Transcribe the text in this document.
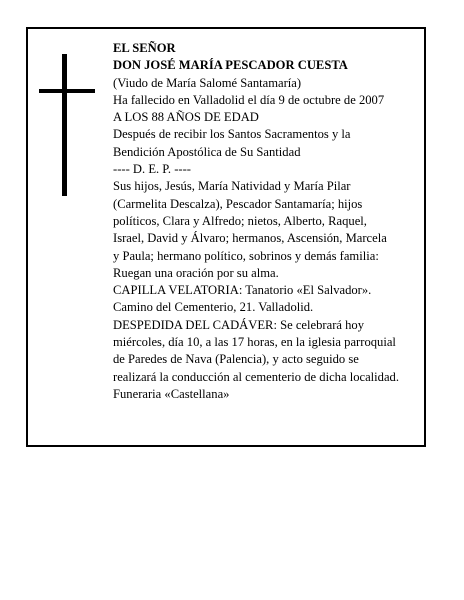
EL SEÑOR
DON JOSÉ MARÍA PESCADOR CUESTA
(Viudo de María Salomé Santamaría)
Ha fallecido en Valladolid el día 9 de octubre de 2007
A LOS 88 AÑOS DE EDAD
Después de recibir los Santos Sacramentos y la
Bendición Apostólica de Su Santidad
---- D. E. P. ----
Sus hijos, Jesús, María Natividad y María Pilar
(Carmelita Descalza), Pescador Santamaría; hijos
políticos, Clara y Alfredo; nietos, Alberto, Raquel,
Israel, David y Álvaro; hermanos, Ascensión, Marcela
y Paula; hermano político, sobrinos y demás familia:
Ruegan una oración por su alma.
CAPILLA VELATORIA: Tanatorio «El Salvador».
Camino del Cementerio, 21. Valladolid.
DESPEDIDA DEL CADÁVER: Se celebrará hoy
miércoles, día 10, a las 17 horas, en la iglesia parroquial
de Paredes de Nava (Palencia), y acto seguido se
realizará la conducción al cementerio de dicha localidad.
Funeraria «Castellana»
